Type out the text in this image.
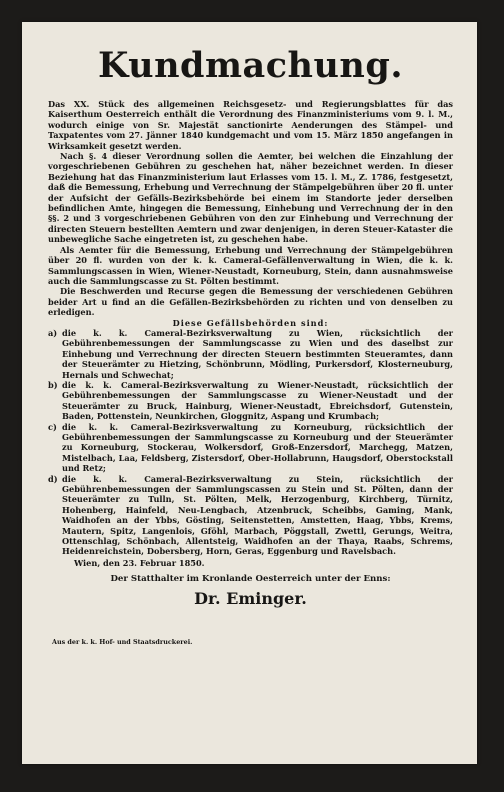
Kundmachung.

Das XX. Stück des allgemeinen Reichsgesetz- und Regierungsblattes für das Kaiserthum Oesterreich enthält die Verordnung des Finanzministeriums vom 9. l. M., wodurch einige von Sr. Majestät sanctionirte Aenderungen des Stämpel- und Taxpatentes vom 27. Jänner 1840 kundgemacht und vom 15. März 1850 angefangen in Wirksamkeit gesetzt werden.

Nach §. 4 dieser Verordnung sollen die Aemter, bei welchen die Einzahlung der vorgeschriebenen Gebühren zu geschehen hat, näher bezeichnet werden. In dieser Beziehung hat das Finanzministerium laut Erlasses vom 15. l. M., Z. 1786, festgesetzt, daß die Bemessung, Erhebung und Verrechnung der Stämpelgebühren über 20 fl. unter der Aufsicht der Gefälls-Bezirksbehörde bei einem im Standorte jeder derselben befindlichen Amte, hingegen die Bemessung, Einhebung und Verrechnung der in den §§. 2 und 3 vorgeschriebenen Gebühren von den zur Einhebung und Verrechnung der directen Steuern bestellten Aemtern und zwar denjenigen, in deren Steuer-Kataster die unbewegliche Sache eingetreten ist, zu geschehen habe.

Als Aemter für die Bemessung, Erhebung und Verrechnung der Stämpelgebühren über 20 fl. wurden von der k. k. Cameral-Gefällenverwaltung in Wien, die k. k. Sammlungscassen in Wien, Wiener-Neustadt, Korneuburg, Stein, dann ausnahmsweise auch die Sammlungscasse zu St. Pölten bestimmt.

Die Beschwerden und Recurse gegen die Bemessung der verschiedenen Gebühren beider Art u find an die Gefällen-Bezirksbehörden zu richten und von denselben zu erledigen.

Diese Gefällsbehörden sind:

a) die k. k. Cameral-Bezirksverwaltung zu Wien, rücksichtlich der Gebührenbemessungen der Sammlungscasse zu Wien und des daselbst zur Einhebung und Verrechnung der directen Steuern bestimmten Steueramtes, dann der Steuerämter zu Hietzing, Schönbrunn, Mödling, Purkersdorf, Klosterneuburg, Hernals und Schwechat;
b) die k. k. Cameral-Bezirksverwaltung zu Wiener-Neustadt, rücksichtlich der Gebührenbemessungen der Sammlungscasse zu Wiener-Neustadt und der Steuerämter zu Bruck, Hainburg, Wiener-Neustadt, Ebreichsdorf, Gutenstein, Baden, Pottenstein, Neunkirchen, Gloggnitz, Aspang und Krumbach;
c) die k. k. Cameral-Bezirksverwaltung zu Korneuburg, rücksichtlich der Gebührenbemessungen der Sammlungscasse zu Korneuburg und der Steuerämter zu Korneuburg, Stockerau, Wolkersdorf, Groß-Enzersdorf, Marchegg, Matzen, Mistelbach, Laa, Feldsberg, Zistersdorf, Ober-Hollabrunn, Haugsdorf, Oberstockstall und Retz;
d) die k. k. Cameral-Bezirksverwaltung zu Stein, rücksichtlich der Gebührenbemessungen der Sammlungscassen zu Stein und St. Pölten, dann der Steuerämter zu Tulln, St. Pölten, Melk, Herzogenburg, Kirchberg, Türnitz, Hohenberg, Hainfeld, Neu-Lengbach, Atzenbruck, Scheibbs, Gaming, Mank, Waidhofen an der Ybbs, Gösting, Seitenstetten, Amstetten, Haag, Ybbs, Krems, Mautern, Spitz, Langenlois, Gföhl, Marbach, Pöggstall, Zwettl, Gerungs, Weitra, Ottenschlag, Schönbach, Allentsteig, Waidhofen an der Thaya, Raabs, Schrems, Heidenreichstein, Dobersberg, Horn, Geras, Eggenburg und Ravelsbach.

Wien, den 23. Februar 1850.

Der Statthalter im Kronlande Oesterreich unter der Enns:
Dr. Eminger.
Aus der k. k. Hof- und Staatsdruckerei.
